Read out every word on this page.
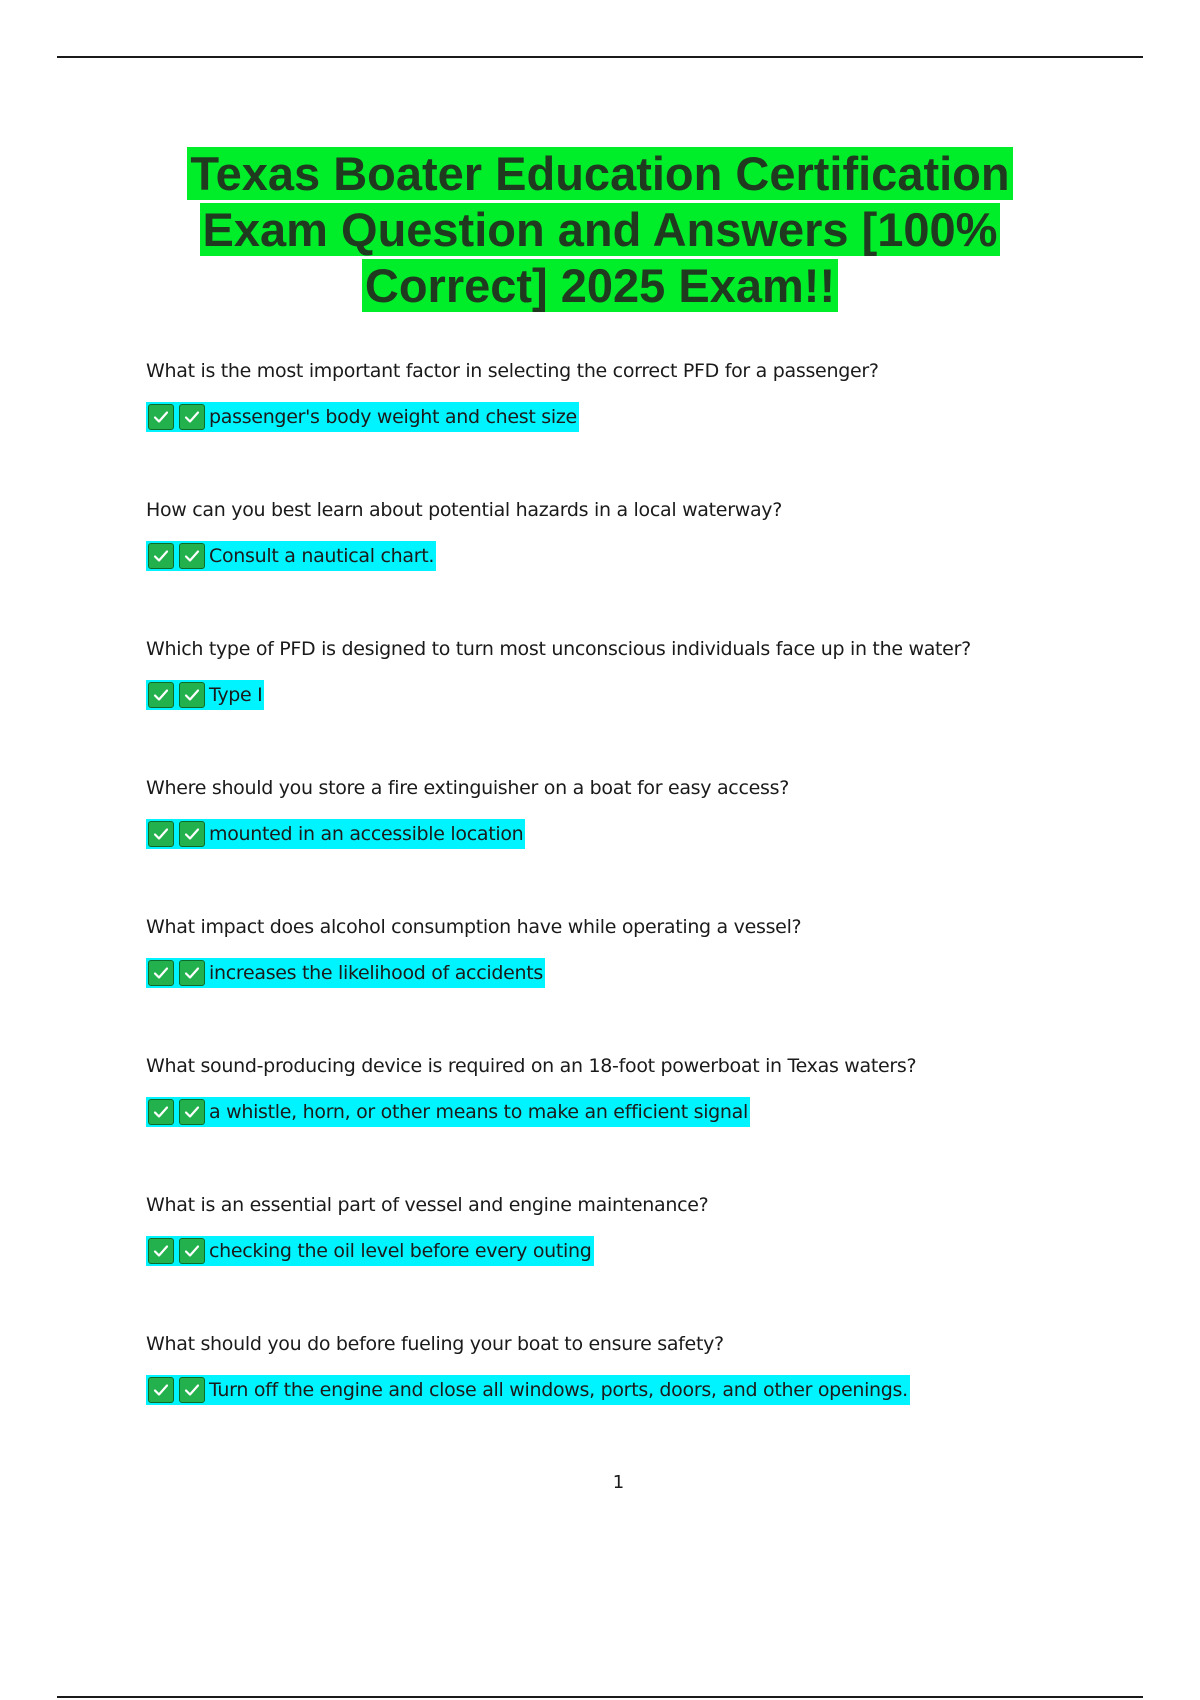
Texas Boater Education Certification Exam Question and Answers [100% Correct] 2025 Exam!!
What is the most important factor in selecting the correct PFD for a passenger?
passenger's body weight and chest size
How can you best learn about potential hazards in a local waterway?
Consult a nautical chart.
Which type of PFD is designed to turn most unconscious individuals face up in the water?
Type I
Where should you store a fire extinguisher on a boat for easy access?
mounted in an accessible location
What impact does alcohol consumption have while operating a vessel?
increases the likelihood of accidents
What sound-producing device is required on an 18-foot powerboat in Texas waters?
a whistle, horn, or other means to make an efficient signal
What is an essential part of vessel and engine maintenance?
checking the oil level before every outing
What should you do before fueling your boat to ensure safety?
Turn off the engine and close all windows, ports, doors, and other openings.
1
